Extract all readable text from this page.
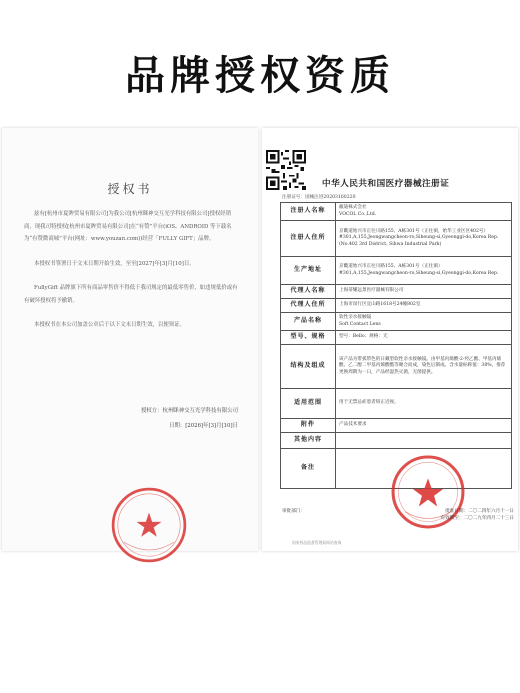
品牌授权资质
授权书

兹有[杭州市夏眸贸易有限公司]为我公司[杭州眯神交互光学科技有限公司]授权经销商，现我司特授权[杭州市夏眸贸易有限公司]在“有赞”平台(iOS、ANDROID 等下载名为“有赞微商城”平台(网址：www.youzan.com))经营「FULLY GIFT」品牌。

本授权书签署日于文末日期开始生效，至至[2027]年[3]月[10]日。

FullyGift 品牌旗下所有商品零售价不得低于我司规定的最低零售价，如违规低价或有有破坏授权将予撤销。

本授权书在本公司加盖公章后于以下文末日期生效，以便领证。

授权方：杭州眯神交互光学科技有限公司
日期：[2026]年[3]月[10]日
中华人民共和国医疗器械注册证
注册证号：国械注进20203160220
注册人名称	蔽迪株式会社
VOCOL Co.,Ltd.
注册人住所	京畿道始兴市正往川路155、A栋301号（正往洞，始华工业区区402号）
#301,A,155,Jeongwangcheon-ro,Siheung-si,Gyeonggi-do,Korea Rep.(No.402 3rd District, Sihwa Industrial Park)
生产地址	京畿道始兴市正往川路155、A栋301号（正往洞）
#301,A,155,Jeongwangcheon-ro,Siheung-si,Gyeonggi-do,Korea Rep.
代理人名称	上海蒂耀远景医疗器械有限公司
代理人住所	上海市闵行区宜山路1618号24幢802室
产品名称	软性亲水接触镜
Soft Contact Lens
型号、规格	型号：Bello；规格：无
结构及组成	该产品为带弧带色的日戴型软性亲水接触镜。由甲基丙烯酸-2-羟乙酯、甲基丙烯酸、乙二醇二甲基丙烯酸酯等聚合而成，染色后制成。含水量标称值：38%，推荐更换周期为一日，产品经湿热灭菌，无菌提供。
适用范围	用于无禁忌症患者矫正近视。
附件	产品技术要求
其他内容	
备注	
审批部门：	批准日期：二〇二四年六月十一日
有效期至：二〇二九年四月二十三日
国家药品监督管理局网站查询
